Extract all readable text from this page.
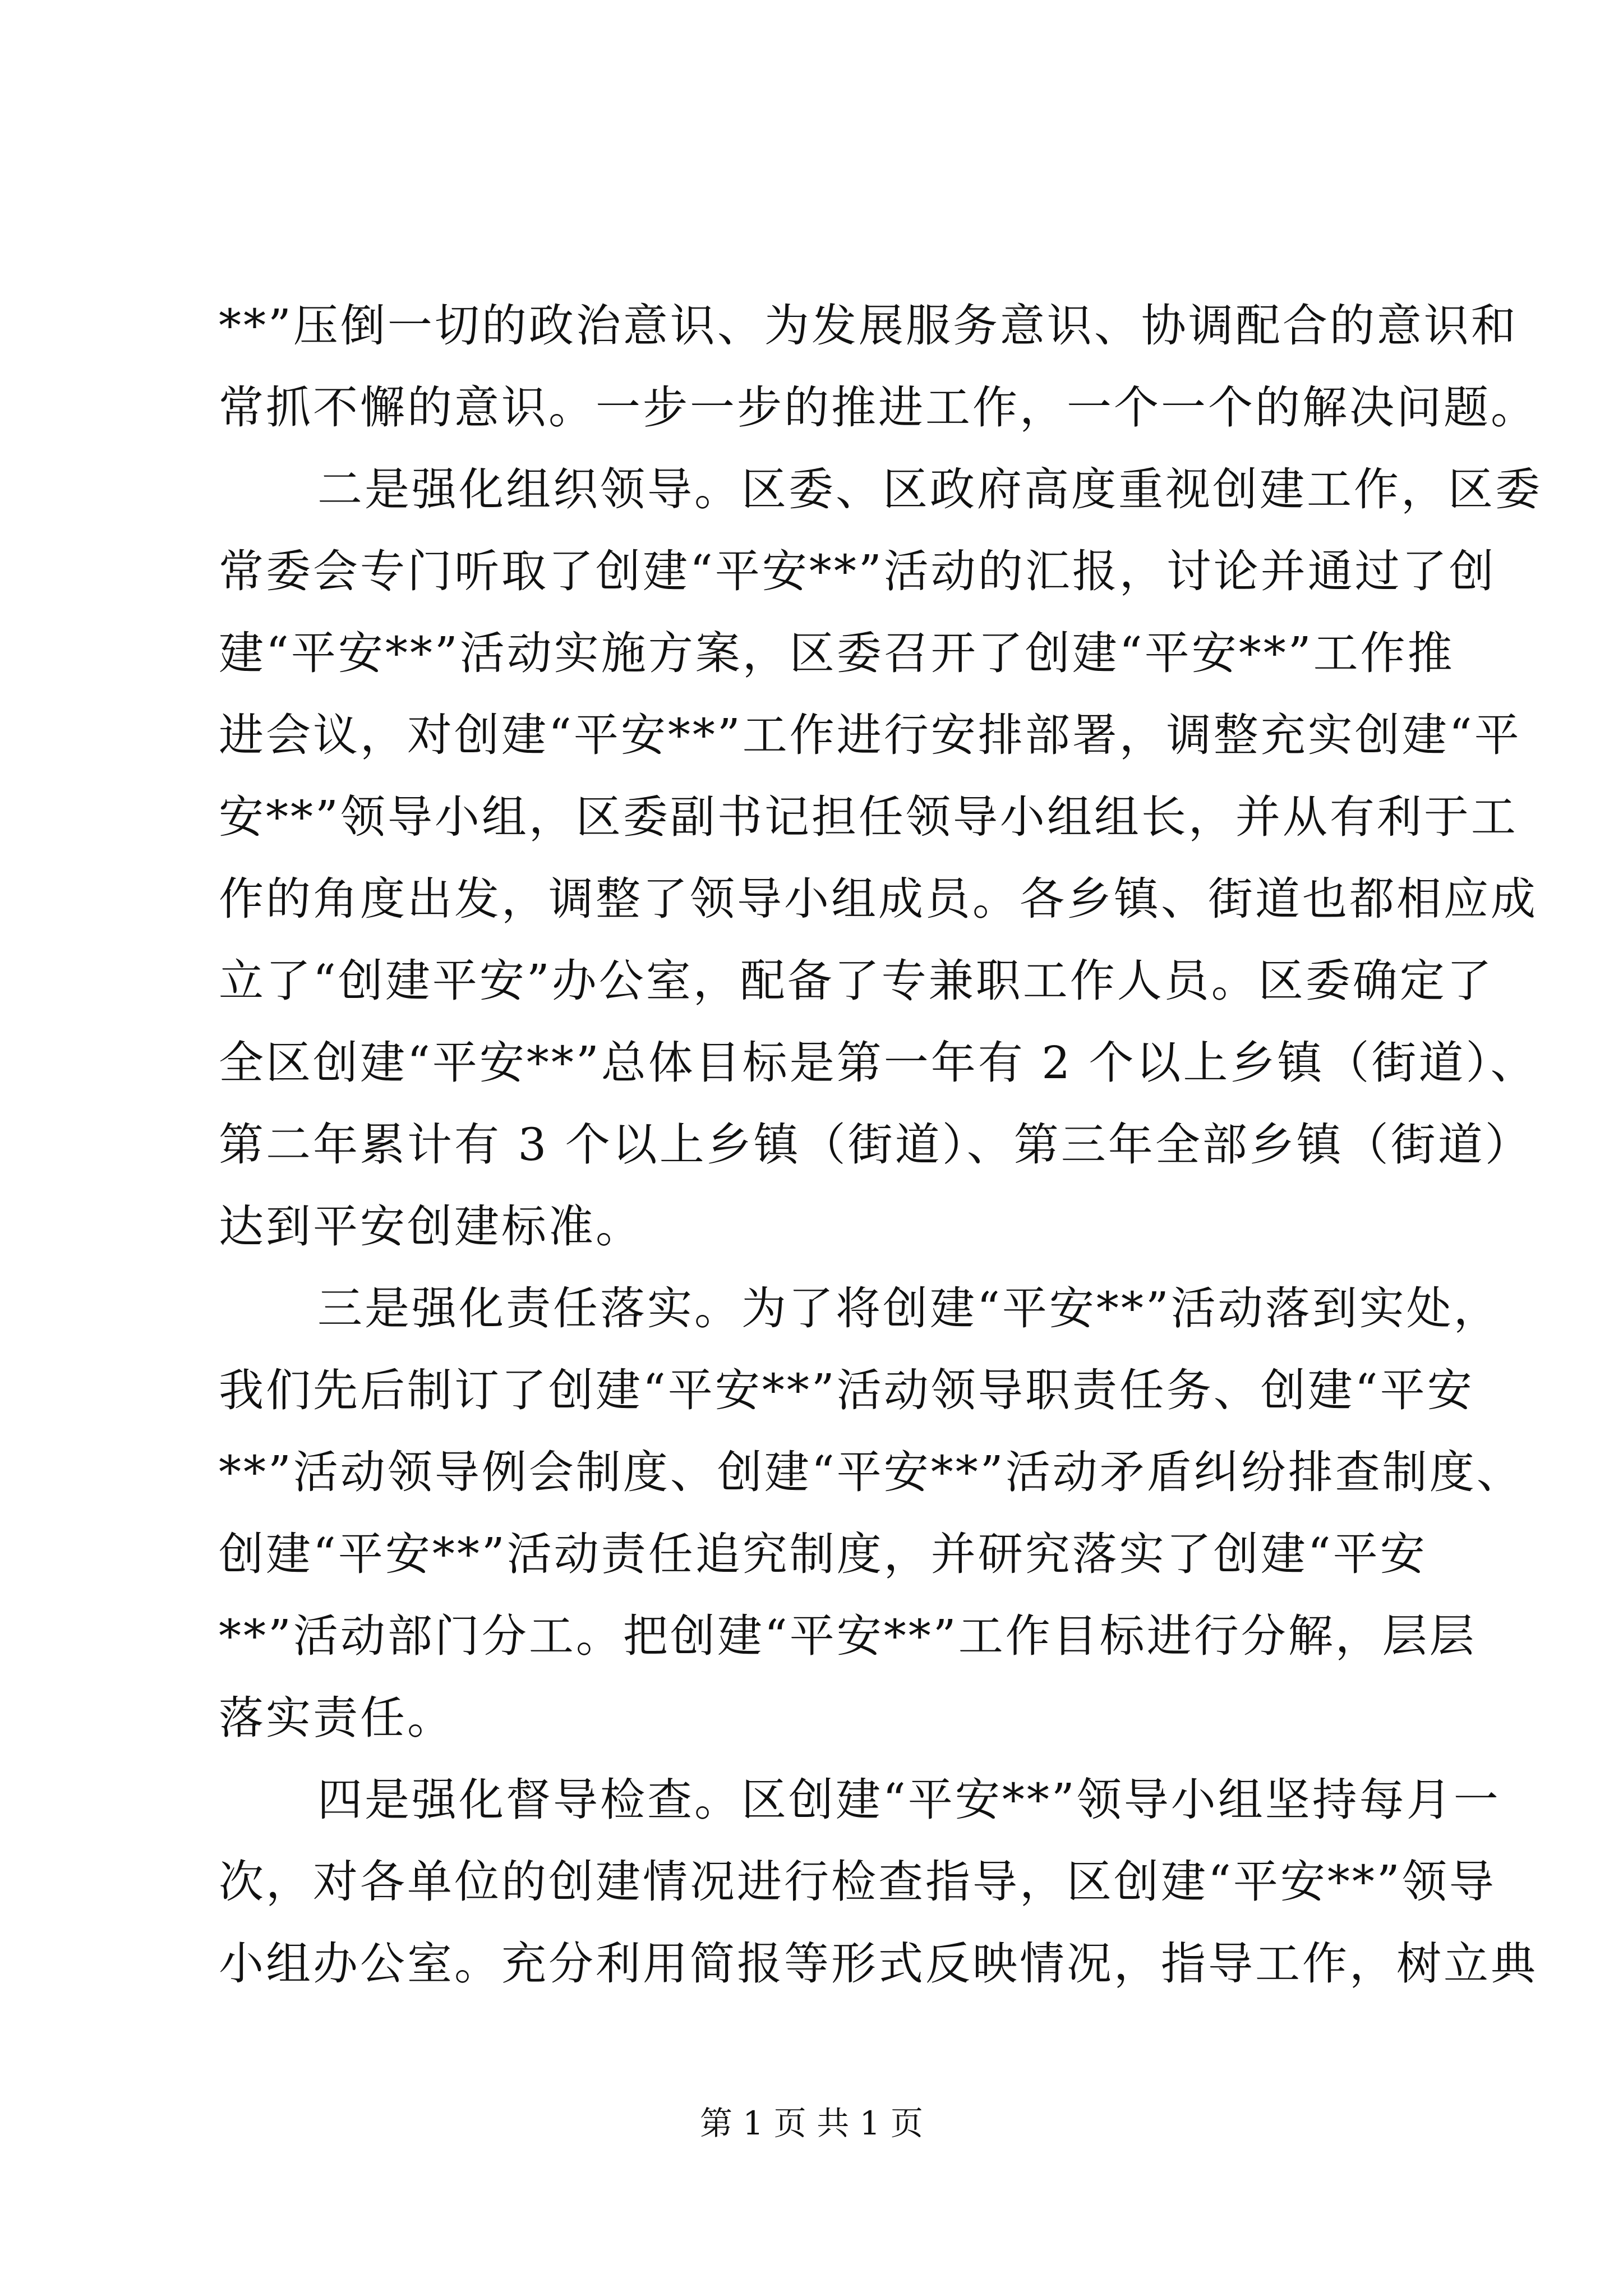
**”压倒一切的政治意识、为发展服务意识、协调配合的意识和
常抓不懈的意识。一步一步的推进工作，一个一个的解决问题。
二是强化组织领导。区委、区政府高度重视创建工作，区委
常委会专门听取了创建“平安**”活动的汇报，讨论并通过了创
建“平安**”活动实施方案，区委召开了创建“平安**”工作推
进会议，对创建“平安**”工作进行安排部署，调整充实创建“平
安**”领导小组，区委副书记担任领导小组组长，并从有利于工
作的角度出发，调整了领导小组成员。各乡镇、街道也都相应成
立了“创建平安”办公室，配备了专兼职工作人员。区委确定了
全区创建“平安**”总体目标是第一年有 2 个以上乡镇（街道）、
第二年累计有 3 个以上乡镇（街道）、第三年全部乡镇（街道）
达到平安创建标准。
三是强化责任落实。为了将创建“平安**”活动落到实处，
我们先后制订了创建“平安**”活动领导职责任务、创建“平安
**”活动领导例会制度、创建“平安**”活动矛盾纠纷排查制度、
创建“平安**”活动责任追究制度，并研究落实了创建“平安
**”活动部门分工。把创建“平安**”工作目标进行分解，层层
落实责任。
四是强化督导检查。区创建“平安**”领导小组坚持每月一
次，对各单位的创建情况进行检查指导，区创建“平安**”领导
小组办公室。充分利用简报等形式反映情况，指导工作，树立典
第 1 页 共 1 页
